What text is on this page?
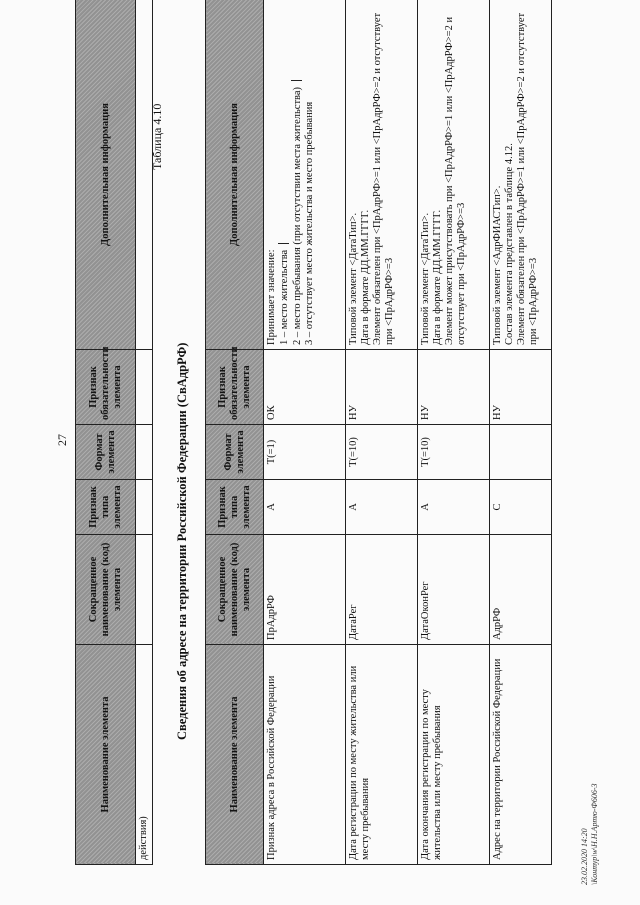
27
Наименование элемента	Сокращенное наименование (код) элемента	Признак типа элемента	Формат элемента	Признак обязательности элемента	Дополнительная информация
действия)					
Таблица 4.10
Сведения об адресе на территории Российской Федерации (СвАдрРФ)
Наименование элемента	Сокращенное наименование (код) элемента	Признак типа элемента	Формат элемента	Признак обязательности элемента	Дополнительная информация
Признак адреса в Российской Федерации	ПрАдрРФ	А	T(=1)	ОК	Принимает значение: 1 – место жительства 2 – место пребывания (при отсутствии места жительства) 3 – отсутствует место жительства и место пребывания

Дата регистрации по месту жительства или месту пребывания	ДатаРег	А	T(=10)	НУ	Типовой элемент <ДатаТип>. Дата в формате ДД.ММ.ГГГГ. Элемент обязателен при <ПрАдрРФ>=1 или <ПрАдрРФ>=2 и отсутствует при <ПрАдрРФ>=3

Дата окончания регистрации по месту жительства или месту пребывания	ДатаОконРег	А	T(=10)	НУ	Типовой элемент <ДатаТип>. Дата в формате ДД.ММ.ГГГГ. Элемент может присутствовать при <ПрАдрРФ>=1 или <ПрАдрРФ>=2 и отсутствует при <ПрАдрРФ>=3

Адрес на территории Российской Федерации	АдрРФ	С		НУ	Типовой элемент <АдрФИАСТип>. Состав элемента представлен в таблице 4.12. Элемент обязателен при <ПрАдрРФ>=1 или <ПрАдрРФ>=2 и отсутствует при <ПрАдрРФ>=3
23.02.2020 14:20 \Контур\w\Н.Н.Артю-Ф606-3
